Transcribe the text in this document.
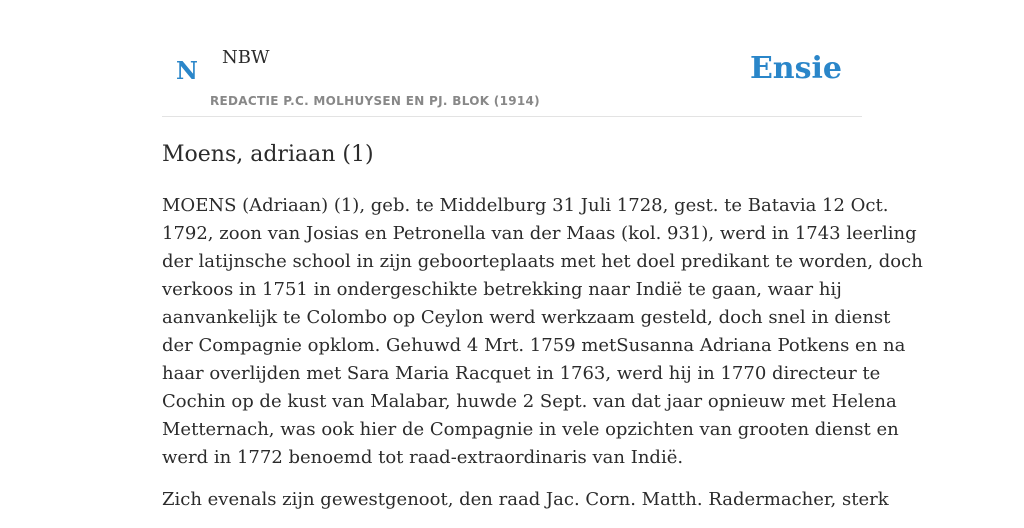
N NBW
REDACTIE P.C. MOLHUYSEN EN PJ. BLOK (1914)
Ensie
Moens, adriaan (1)

MOENS (Adriaan) (1), geb. te Middelburg 31 Juli 1728, gest. te Batavia 12 Oct.
1792, zoon van Josias en Petronella van der Maas (kol. 931), werd in 1743 leerling
der latijnsche school in zijn geboorteplaats met het doel predikant te worden, doch
verkoos in 1751 in ondergeschikte betrekking naar Indië te gaan, waar hij
aanvankelijk te Colombo op Ceylon werd werkzaam gesteld, doch snel in dienst
der Compagnie opklom. Gehuwd 4 Mrt. 1759 metSusanna Adriana Potkens en na
haar overlijden met Sara Maria Racquet in 1763, werd hij in 1770 directeur te
Cochin op de kust van Malabar, huwde 2 Sept. van dat jaar opnieuw met Helena
Metternach, was ook hier de Compagnie in vele opzichten van grooten dienst en
werd in 1772 benoemd tot raad-extraordinaris van Indië.

Zich evenals zijn gewestgenoot, den raad Jac. Corn. Matth. Radermacher, sterk
